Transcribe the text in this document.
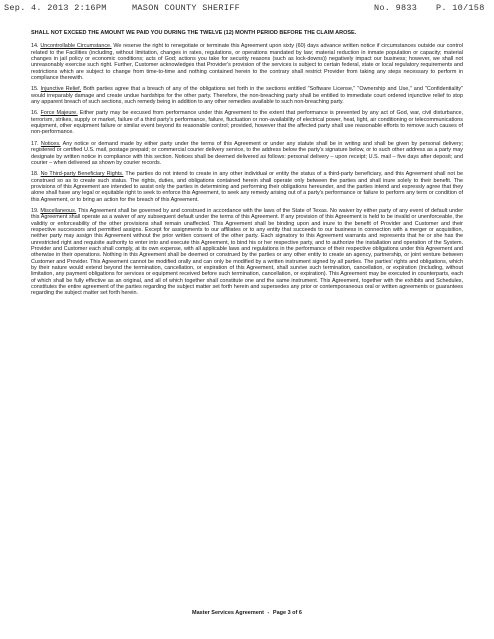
Sep. 4. 2013 2:16PM	MASON COUNTY SHERIFF	No. 9833 P. 10/158

SHALL NOT EXCEED THE AMOUNT WE PAID YOU DURING THE TWELVE (12) MONTH PERIOD BEFORE THE CLAIM AROSE.

14. Uncontrollable Circumstance. We reserve the right to renegotiate or terminate this Agreement upon sixty (60) days advance written notice if circumstances outside our control related to the Facilities (including, without limitation, changes in rates, regulations, or operations mandated by law; material reduction in inmate population or capacity; material changes in jail policy or economic conditions; acts of God; actions you take for security reasons (such as lock-downs)) negatively impact our business; however, we shall not unreasonably exercise such right. Further, Customer acknowledges that Provider's provision of the services is subject to certain federal, state or local regulatory requirements and restrictions which are subject to change from time-to-time and nothing contained herein to the contrary shall restrict Provider from taking any steps necessary to perform in compliance therewith.

15. Injunctive Relief. Both parties agree that a breach of any of the obligations set forth in the sections entitled "Software License," "Ownership and Use," and "Confidentiality" would irreparably damage and create undue hardships for the other party. Therefore, the non-breaching party shall be entitled to immediate court ordered injunctive relief to stop any apparent breach of such sections, such remedy being in addition to any other remedies available to such non-breaching party.

16. Force Majeure. Either party may be excused from performance under this Agreement to the extent that performance is prevented by any act of God, war, civil disturbance, terrorism, strikes, supply or market, failure of a third party's performance, failure, fluctuation or non-availability of electrical power, heat, light, air conditioning or telecommunications equipment, other equipment failure or similar event beyond its reasonable control; provided, however that the affected party shall use reasonable efforts to remove such causes of non-performance.

17. Notices. Any notice or demand made by either party under the terms of this Agreement or under any statute shall be in writing and shall be given by personal delivery; registered or certified U.S. mail, postage prepaid; or commercial courier delivery service, to the address below the party's signature below, or to such other address as a party may designate by written notice in compliance with this section. Notices shall be deemed delivered as follows: personal delivery – upon receipt; U.S. mail – five days after deposit; and courier – when delivered as shown by courier records.

18. No Third-party Beneficiary Rights. The parties do not intend to create in any other individual or entity the status of a third-party beneficiary, and this Agreement shall not be construed so as to create such status. The rights, duties, and obligations contained herein shall operate only between the parties and shall inure solely to their benefit. The provisions of this Agreement are intended to assist only the parties in determining and performing their obligations hereunder, and the parties intend and expressly agree that they alone shall have any legal or equitable right to seek to enforce this Agreement, to seek any remedy arising out of a party's performance or failure to perform any term or condition of this Agreement, or to bring an action for the breach of this Agreement.

19. Miscellaneous. This Agreement shall be governed by and construed in accordance with the laws of the State of Texas. No waiver by either party of any event of default under this Agreement shall operate as a waiver of any subsequent default under the terms of this Agreement. If any provision of this Agreement is held to be invalid or unenforceable, the validity or enforceability of the other provisions shall remain unaffected. This Agreement shall be binding upon and inure to the benefit of Provider and Customer and their respective successors and permitted assigns. Except for assignments to our affiliates or to any entity that succeeds to our business in connection with a merger or acquisition, neither party may assign this Agreement without the prior written consent of the other party. Each signatory to this Agreement warrants and represents that he or she has the unrestricted right and requisite authority to enter into and execute this Agreement, to bind his or her respective party, and to authorize the installation and operation of the System. Provider and Customer each shall comply, at its own expense, with all applicable laws and regulations in the performance of their respective obligations under this Agreement and otherwise in their operations. Nothing in this Agreement shall be deemed or construed by the parties or any other entity to create an agency, partnership, or joint venture between Customer and Provider. This Agreement cannot be modified orally and can only be modified by a written instrument signed by all parties. The parties' rights and obligations, which by their nature would extend beyond the termination, cancellation, or expiration of this Agreement, shall survive such termination, cancellation, or expiration (including, without limitation, any payment obligations for services or equipment received before such termination, cancellation, or expiration). This Agreement may be executed in counterparts, each of which shall be fully effective as an original, and all of which together shall constitute one and the same instrument. This Agreement, together with the exhibits and Schedules, constitutes the entire agreement of the parties regarding the subject matter set forth herein and supersedes any prior or contemporaneous oral or written agreements or guarantees regarding the subject matter set forth herein.

Master Services Agreement - Page 3 of 6
